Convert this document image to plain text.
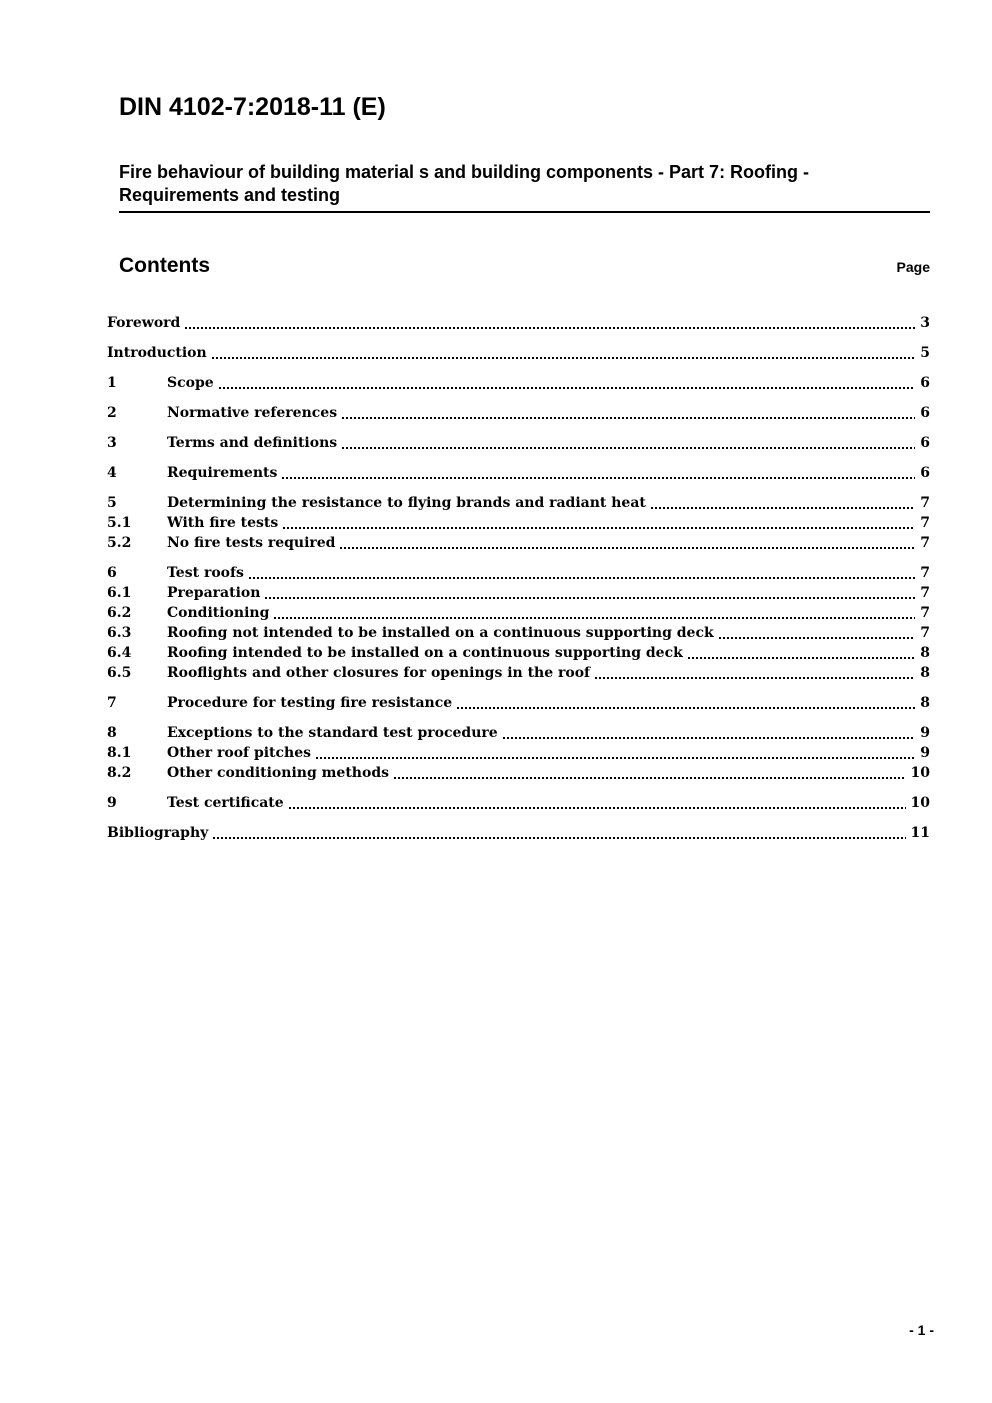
DIN 4102-7:2018-11 (E)
Fire behaviour of building material s and building components - Part 7: Roofing -
Requirements and testing
Contents	Page
Foreword	3
Introduction	5
1	Scope	6
2	Normative references	6
3	Terms and definitions	6
4	Requirements	6
5	Determining the resistance to flying brands and radiant heat	7
5.1	With fire tests	7
5.2	No fire tests required	7
6	Test roofs	7
6.1	Preparation	7
6.2	Conditioning	7
6.3	Roofing not intended to be installed on a continuous supporting deck	7
6.4	Roofing intended to be installed on a continuous supporting deck	8
6.5	Rooflights and other closures for openings in the roof	8
7	Procedure for testing fire resistance	8
8	Exceptions to the standard test procedure	9
8.1	Other roof pitches	9
8.2	Other conditioning methods	10
9	Test certificate	10
Bibliography	11
- 1 -
